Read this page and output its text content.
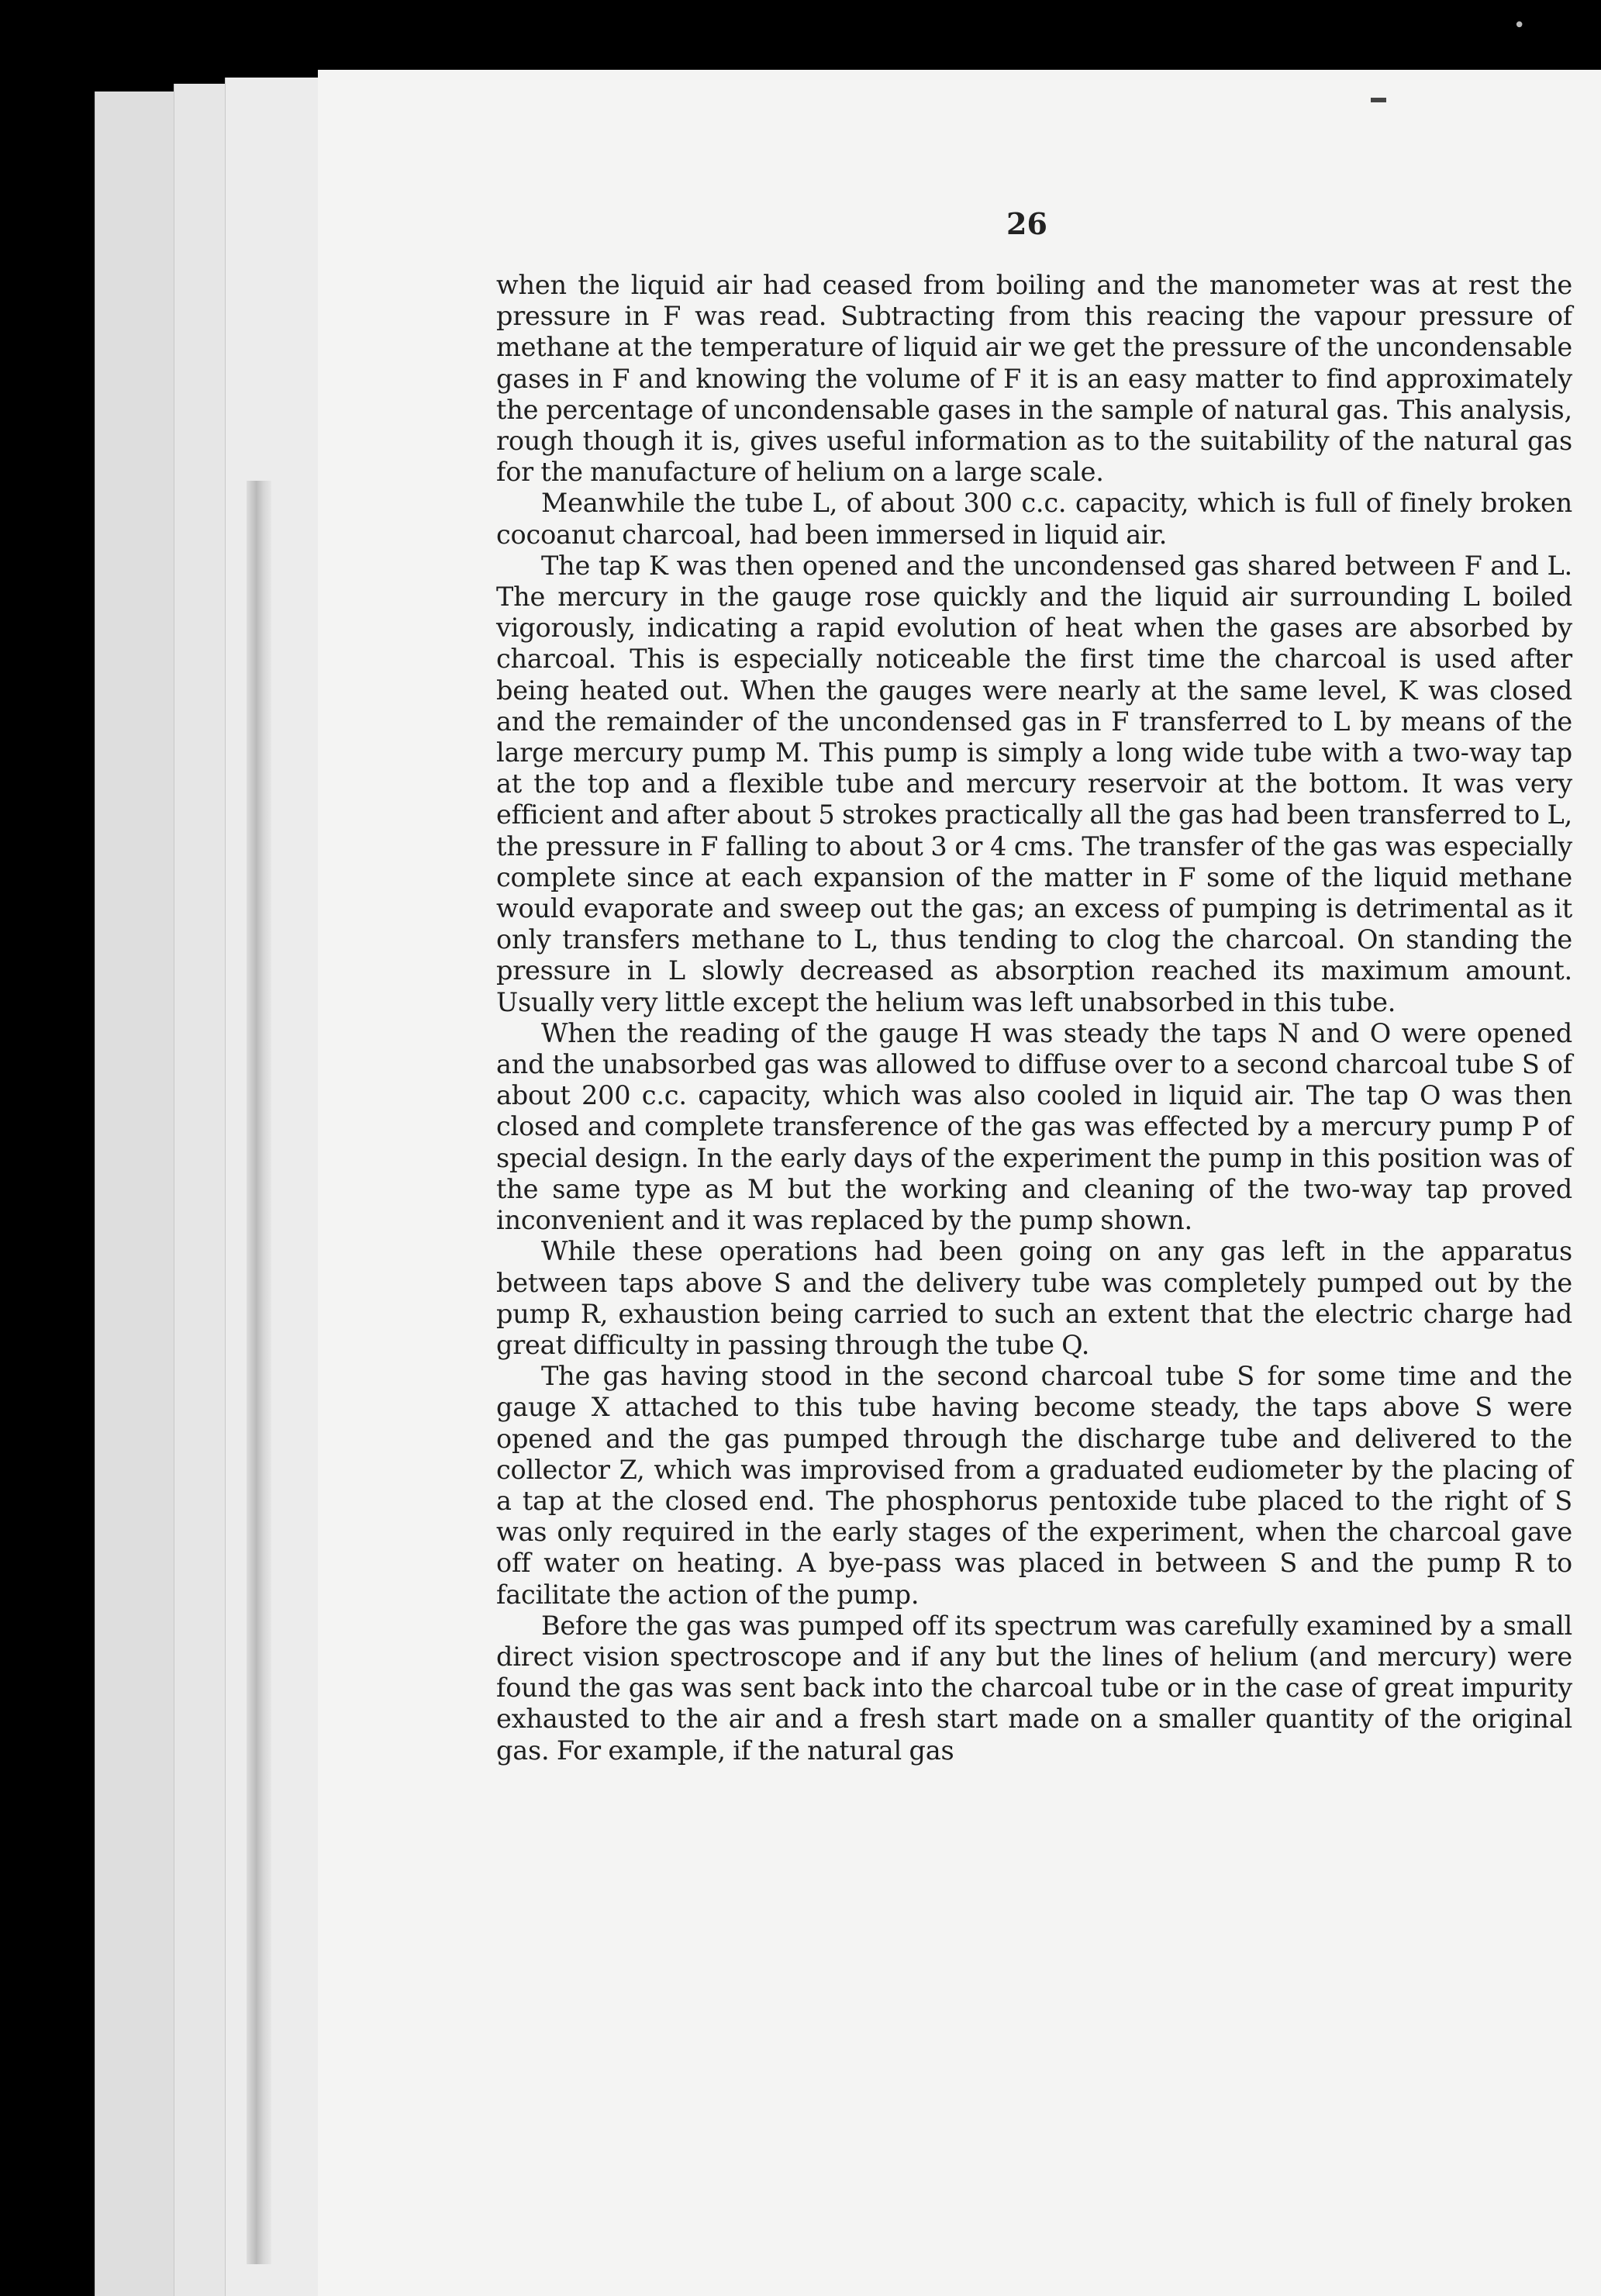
•
26

when the liquid air had ceased from boiling and the manometer was at rest the pressure in F was read. Subtracting from this reacing the vapour pressure of methane at the temperature of liquid air we get the pressure of the uncondensable gases in F and knowing the volume of F it is an easy matter to find approximately the percentage of uncondensable gases in the sample of natural gas. This analysis, rough though it is, gives useful information as to the suitability of the natural gas for the manufacture of helium on a large scale.

Meanwhile the tube L, of about 300 c.c. capacity, which is full of finely broken cocoanut charcoal, had been immersed in liquid air.

The tap K was then opened and the uncondensed gas shared between F and L. The mercury in the gauge rose quickly and the liquid air surrounding L boiled vigorously, indicating a rapid evolution of heat when the gases are absorbed by charcoal. This is especially noticeable the first time the charcoal is used after being heated out. When the gauges were nearly at the same level, K was closed and the remainder of the uncondensed gas in F transferred to L by means of the large mercury pump M. This pump is simply a long wide tube with a two-way tap at the top and a flexible tube and mercury reservoir at the bottom. It was very efficient and after about 5 strokes practically all the gas had been transferred to L, the pressure in F falling to about 3 or 4 cms. The transfer of the gas was especially complete since at each expansion of the matter in F some of the liquid methane would evaporate and sweep out the gas; an excess of pumping is detrimental as it only transfers methane to L, thus tending to clog the charcoal. On standing the pressure in L slowly decreased as absorption reached its maximum amount. Usually very little except the helium was left unabsorbed in this tube.

When the reading of the gauge H was steady the taps N and O were opened and the unabsorbed gas was allowed to diffuse over to a second charcoal tube S of about 200 c.c. capacity, which was also cooled in liquid air. The tap O was then closed and complete transference of the gas was effected by a mercury pump P of special design. In the early days of the experiment the pump in this position was of the same type as M but the working and cleaning of the two-way tap proved inconvenient and it was replaced by the pump shown.

While these operations had been going on any gas left in the apparatus between taps above S and the delivery tube was completely pumped out by the pump R, exhaustion being carried to such an extent that the electric charge had great difficulty in passing through the tube Q.

The gas having stood in the second charcoal tube S for some time and the gauge X attached to this tube having become steady, the taps above S were opened and the gas pumped through the discharge tube and delivered to the collector Z, which was improvised from a graduated eudiometer by the placing of a tap at the closed end. The phosphorus pentoxide tube placed to the right of S was only required in the early stages of the experiment, when the charcoal gave off water on heating. A bye-pass was placed in between S and the pump R to facilitate the action of the pump.

Before the gas was pumped off its spectrum was carefully examined by a small direct vision spectroscope and if any but the lines of helium (and mercury) were found the gas was sent back into the charcoal tube or in the case of great impurity exhausted to the air and a fresh start made on a smaller quantity of the original gas. For example, if the natural gas
